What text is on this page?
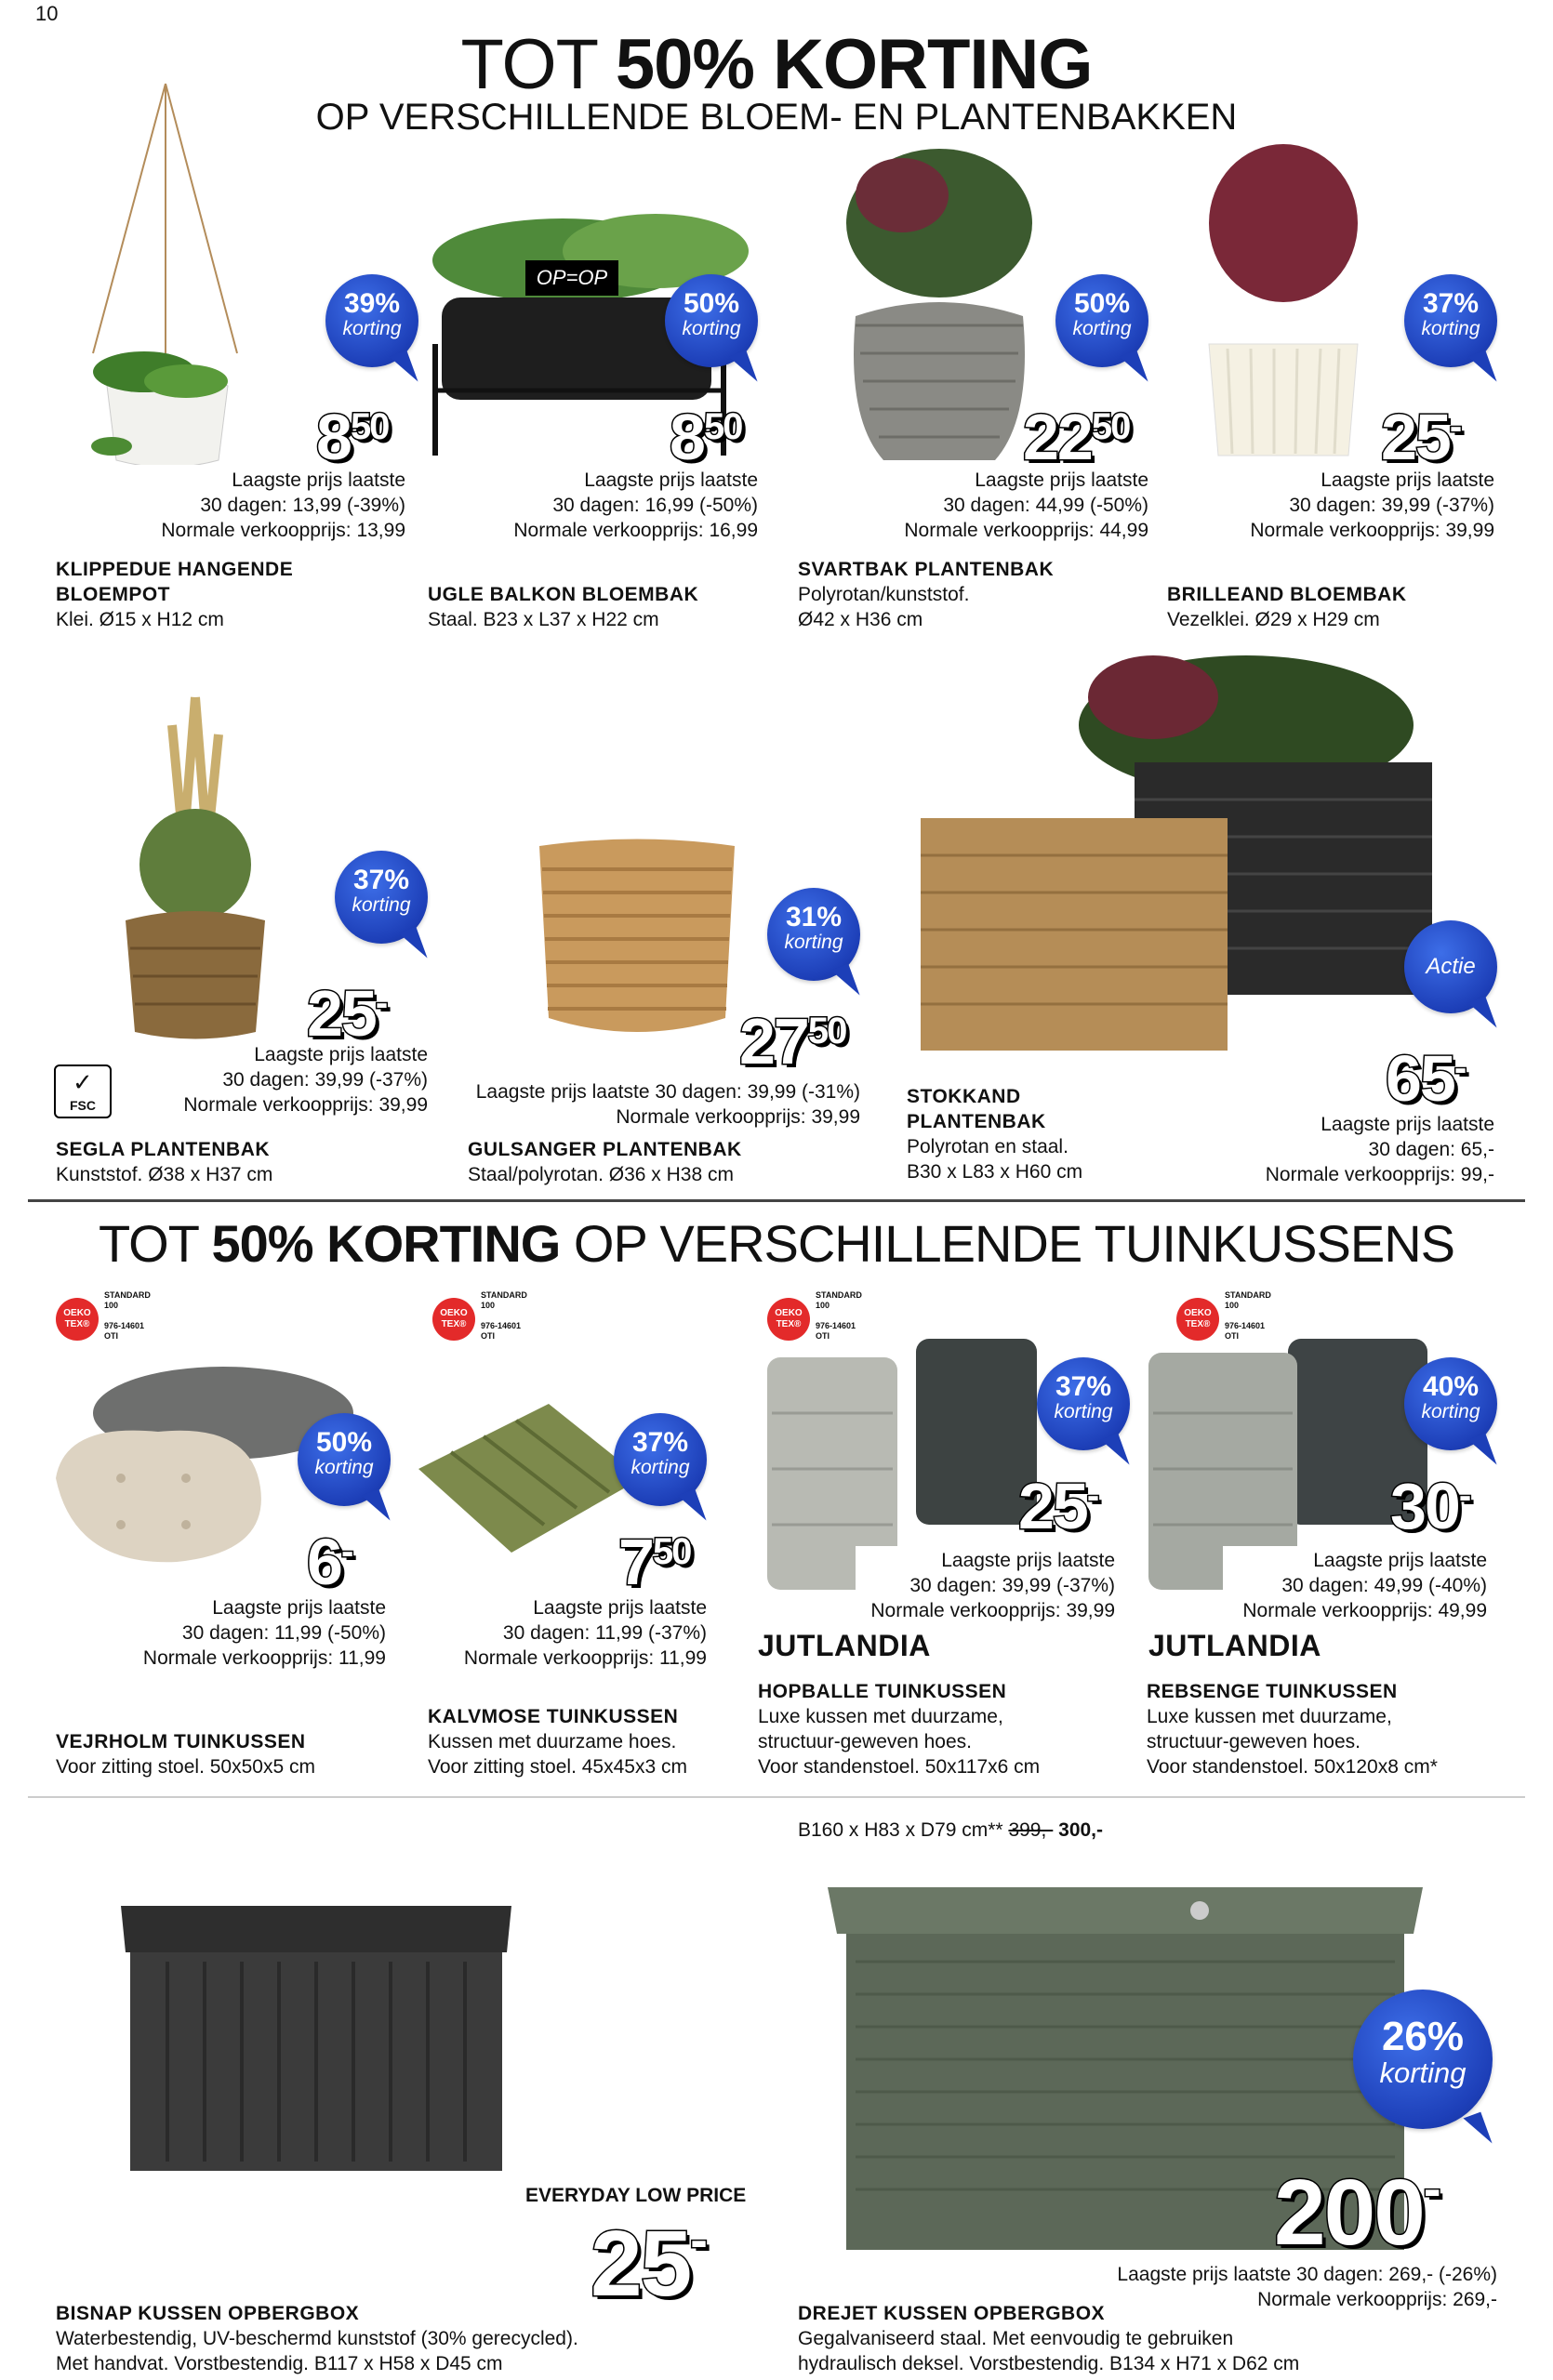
10
TOT 50% KORTING
OP VERSCHILLENDE BLOEM- EN PLANTENBAKKEN
OP=OP
39%
korting
50%
korting
50%
korting
37%
korting
$8^{50}$	$8^{50}$	$22^{50}$	25-
Laagste prijs laatste
30 dagen: 13,99 (-39%)
Normale verkoopprijs: 13,99
Laagste prijs laatste
30 dagen: 16,99 (-50%)
Normale verkoopprijs: 16,99
Laagste prijs laatste
30 dagen: 44,99 (-50%)
Normale verkoopprijs: 44,99
Laagste prijs laatste
30 dagen: 39,99 (-37%)
Normale verkoopprijs: 39,99
KLIPPEDUE HANGENDE
BLOEMPOT
Klei. Ø15 x H12 cm
UGLE BALKON BLOEMBAK
Staal. B23 x L37 x H22 cm
SVARTBAK PLANTENBAK
Polyrotan/kunststof.
Ø42 x H36 cm
BRILLEAND BLOEMBAK
Vezelklei. Ø29 x H29 cm
37%
korting	31%
korting
Actie
25-
$27^{50}$
65-
✓ FSC
Laagste prijs laatste
30 dagen: 39,99 (-37%)
Normale verkoopprijs: 39,99
Laagste prijs laatste 30 dagen: 39,99 (-31%)
Normale verkoopprijs: 39,99	Laagste prijs laatste
30 dagen: 65,-
Normale verkoopprijs: 99,-
SEGLA PLANTENBAK
Kunststof. Ø38 x H37 cm
GULSANGER PLANTENBAK
Staal/polyrotan. Ø36 x H38 cm
STOKKAND
PLANTENBAK
Polyrotan en staal.
B30 x L83 x H60 cm
TOT 50% KORTING OP VERSCHILLENDE TUINKUSSENS
OEKO
TEX®
STANDARD
100

976-14601
OTI
OEKO
TEX®
STANDARD
100

976-14601
OTI
OEKO
TEX®
STANDARD
100

976-14601
OTI
OEKO
TEX®
STANDARD
100

976-14601
OTI
50%
korting
37%
korting
37%
korting
40%
korting
6-	$7^{50}$
25-	30-
Laagste prijs laatste
30 dagen: 11,99 (-50%)
Normale verkoopprijs: 11,99
Laagste prijs laatste
30 dagen: 11,99 (-37%)
Normale verkoopprijs: 11,99
Laagste prijs laatste
30 dagen: 39,99 (-37%)
Normale verkoopprijs: 39,99
Laagste prijs laatste
30 dagen: 49,99 (-40%)
Normale verkoopprijs: 49,99
JUTLANDIA	JUTLANDIA
VEJRHOLM TUINKUSSEN
Voor zitting stoel. 50x50x5 cm
KALVMOSE TUINKUSSEN
Kussen met duurzame hoes.
Voor zitting stoel. 45x45x3 cm
HOPBALLE TUINKUSSEN
Luxe kussen met duurzame,
structuur-geweven hoes.
Voor standenstoel. 50x117x6 cm
REBSENGE TUINKUSSEN
Luxe kussen met duurzame,
structuur-geweven hoes.
Voor standenstoel. 50x120x8 cm*
B160 x H83 x D79 cm** 399,- 300,-
26%
korting
EVERYDAY LOW PRICE
25-	200-
Laagste prijs laatste 30 dagen: 269,- (-26%)
Normale verkoopprijs: 269,-
BISNAP KUSSEN OPBERGBOX
Waterbestendig, UV-beschermd kunststof (30% gerecycled).
Met handvat. Vorstbestendig. B117 x H58 x D45 cm
DREJET KUSSEN OPBERGBOX
Gegalvaniseerd staal. Met eenvoudig te gebruiken
hydraulisch deksel. Vorstbestendig. B134 x H71 x D62 cm
